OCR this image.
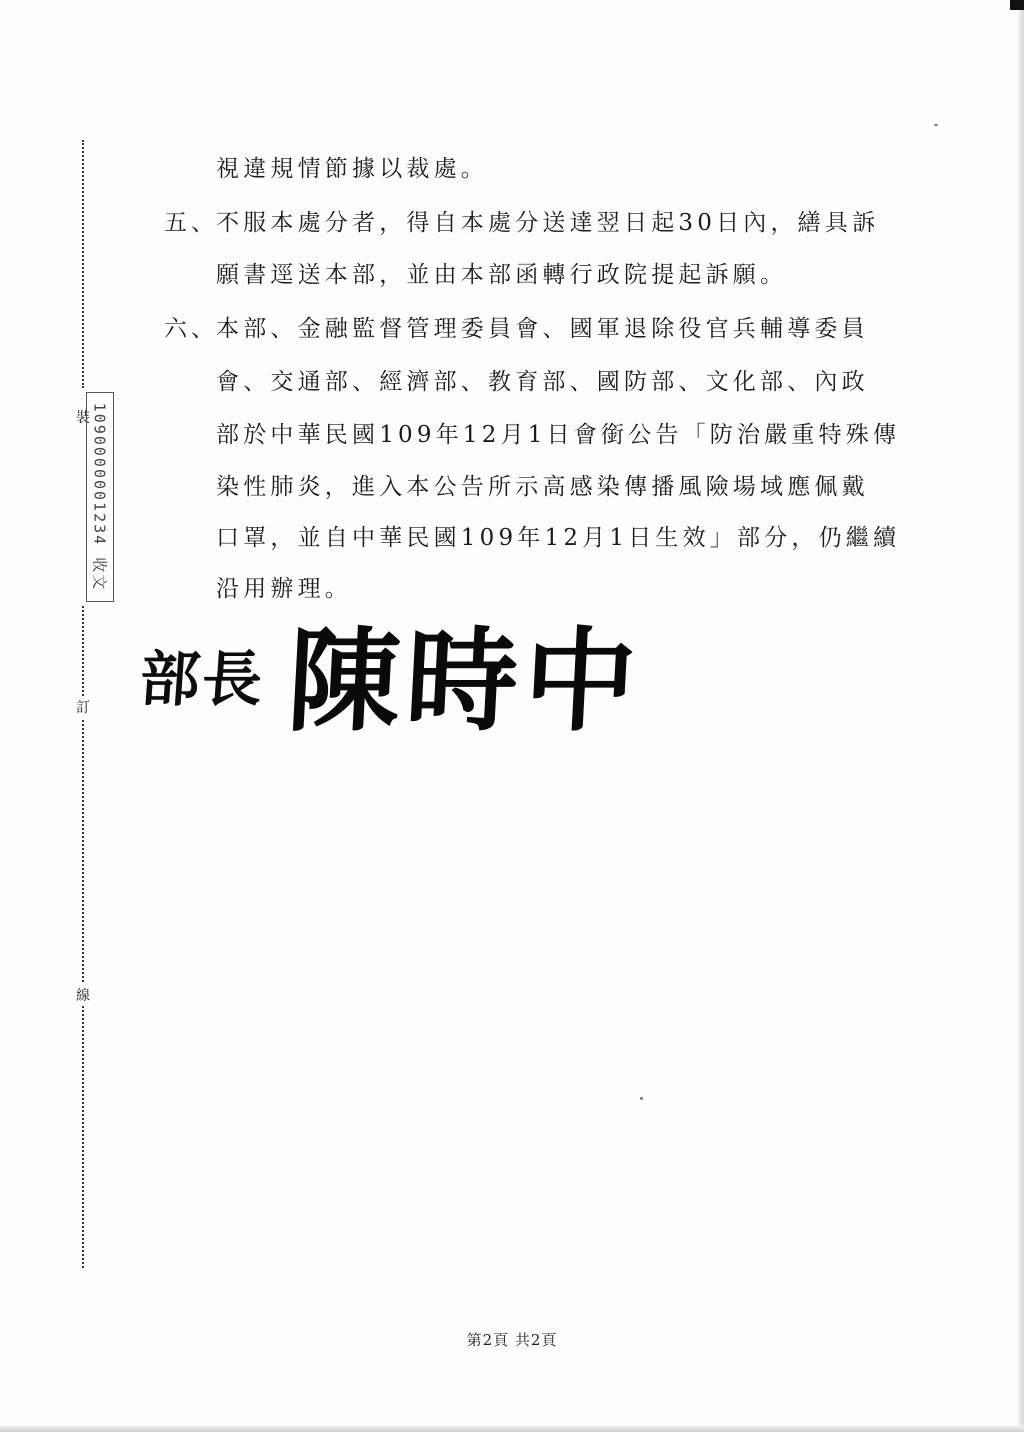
裝
訂
線
1090000001234 收文
視違規情節據以裁處。
五、
不服本處分者，得自本處分送達翌日起30日內，繕具訴
願書逕送本部，並由本部函轉行政院提起訴願。
六、
本部、金融監督管理委員會、國軍退除役官兵輔導委員
會、交通部、經濟部、教育部、國防部、文化部、內政
部於中華民國109年12月1日會銜公告「防治嚴重特殊傳
染性肺炎，進入本公告所示高感染傳播風險場域應佩戴
口罩，並自中華民國109年12月1日生效」部分，仍繼續
沿用辦理。
部長 陳時中
第2頁 共2頁
